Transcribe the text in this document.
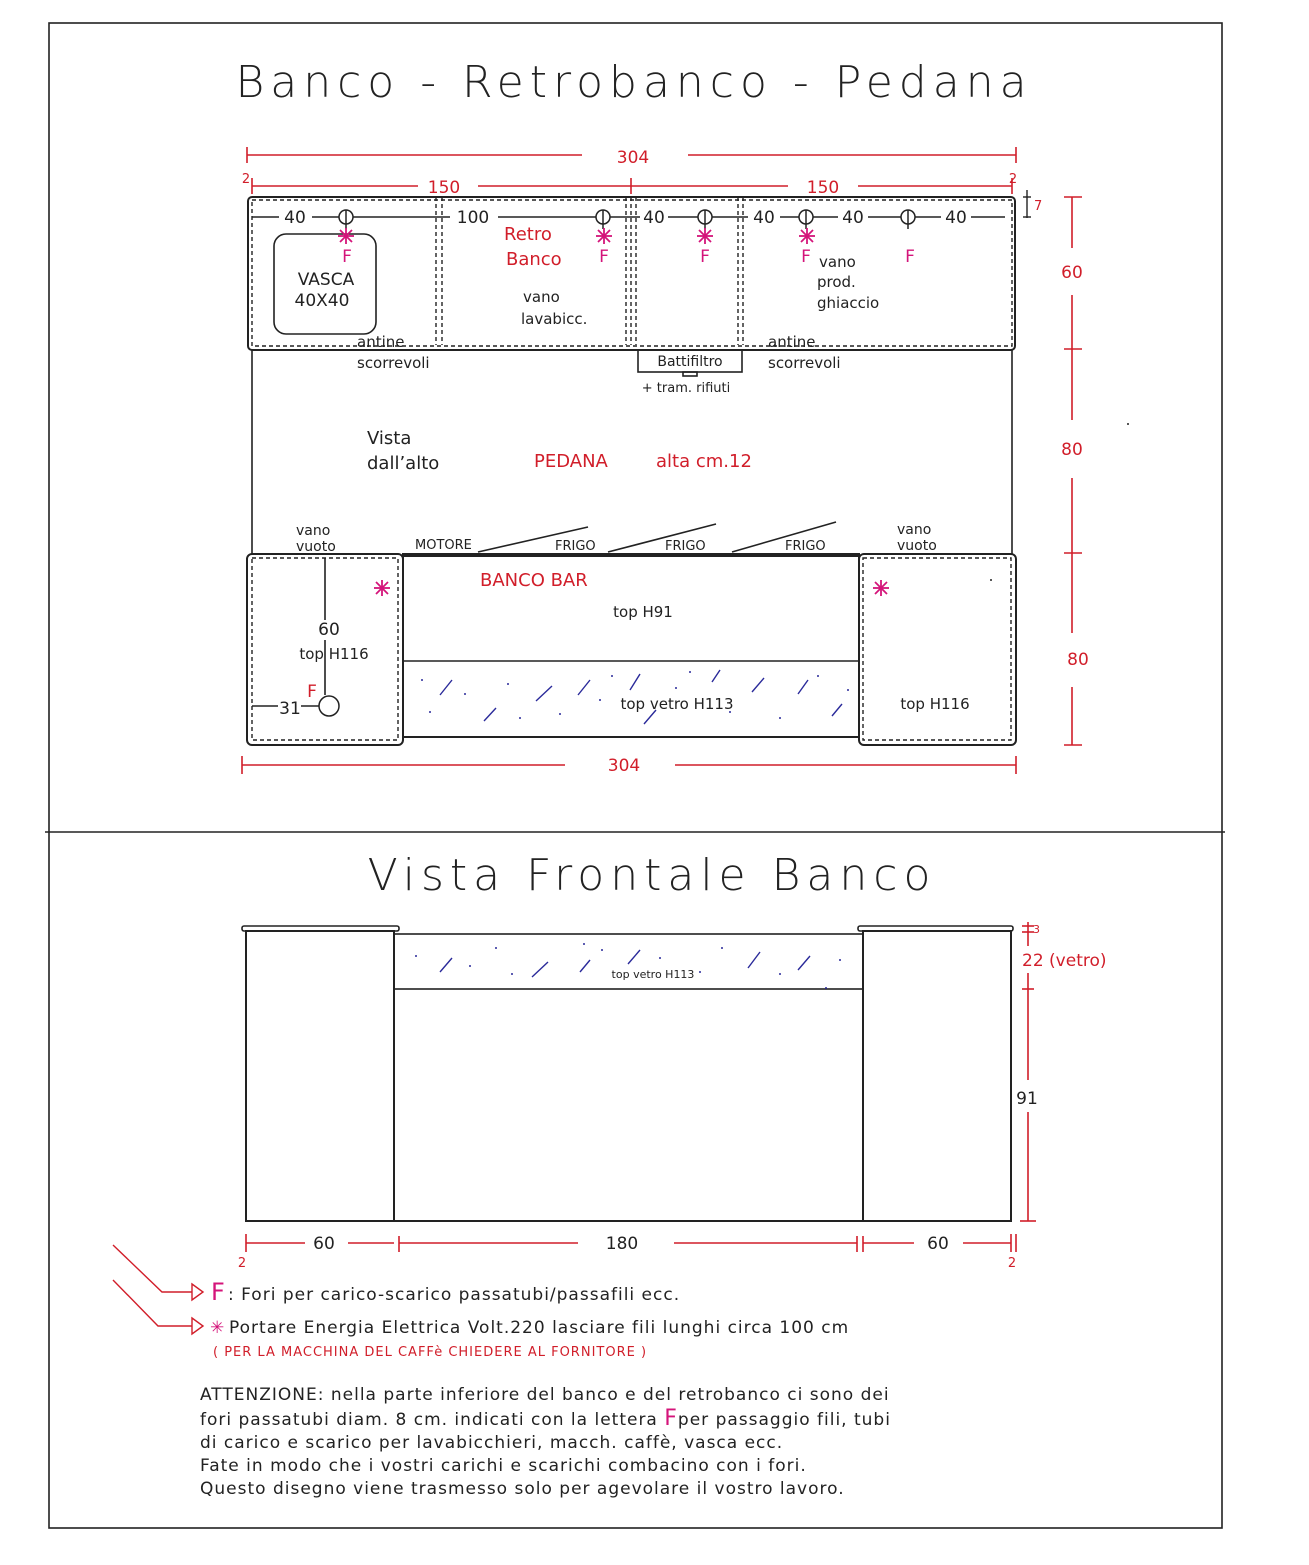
Banco - Retrobanco - Pedana
Vista Frontale Banco
304
150	150
2	2
VASCA
40X40
40	100	40	40	40	40
F	F	F	F	F
7
Retro
Banco
vano
lavabicc.
vano
prod.
ghiaccio
antine
scorrevoli
antine
scorrevoli
Battifiltro
+ tram. rifiuti
Vista
dall’alto	PEDANA	alta cm.12
60
80
80
vano
vuoto
vano
vuoto
MOTORE	FRIGO	FRIGO	FRIGO
BANCO BAR
top H91
top vetro H113
60
31
F
top H116
top H116
304
top vetro H113
3
22 (vetro)
91
60	180	60
2	2
F : Fori per carico-scarico passatubi/passafili ecc.
✳ Portare Energia Elettrica Volt.220 lasciare fili lunghi circa 100 cm
( PER LA MACCHINA DEL CAFFè CHIEDERE AL FORNITORE )
ATTENZIONE: nella parte inferiore del banco e del retrobanco ci sono dei
fori passatubi diam. 8 cm. indicati con la lettera Fper passaggio fili, tubi
di carico e scarico per lavabicchieri, macch. caffè, vasca ecc.
Fate in modo che i vostri carichi e scarichi combacino con i fori.
Questo disegno viene trasmesso solo per agevolare il vostro lavoro.
